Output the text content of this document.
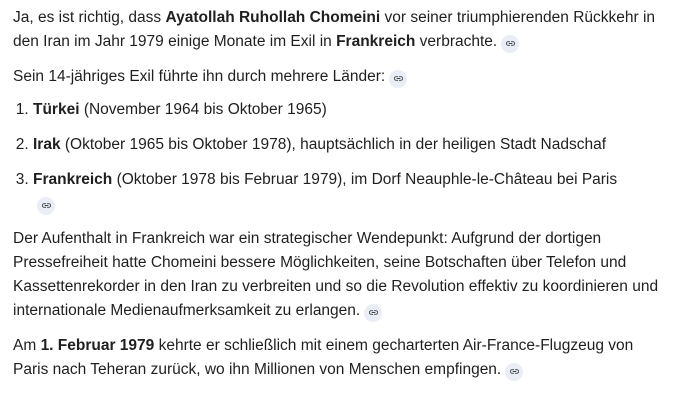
Ja, es ist richtig, dass Ayatollah Ruhollah Chomeini vor seiner triumphierenden Rückkehr in den Iran im Jahr 1979 einige Monate im Exil in Frankreich verbrachte.

Sein 14-jähriges Exil führte ihn durch mehrere Länder:

1. Türkei (November 1964 bis Oktober 1965)
2. Irak (Oktober 1965 bis Oktober 1978), hauptsächlich in der heiligen Stadt Nadschaf
3. Frankreich (Oktober 1978 bis Februar 1979), im Dorf Neauphle-le-Château bei Paris

Der Aufenthalt in Frankreich war ein strategischer Wendepunkt: Aufgrund der dortigen Pressefreiheit hatte Chomeini bessere Möglichkeiten, seine Botschaften über Telefon und Kassettenrekorder in den Iran zu verbreiten und so die Revolution effektiv zu koordinieren und internationale Medienaufmerksamkeit zu erlangen.

Am 1. Februar 1979 kehrte er schließlich mit einem gecharterten Air-France-Flugzeug von Paris nach Teheran zurück, wo ihn Millionen von Menschen empfingen.
